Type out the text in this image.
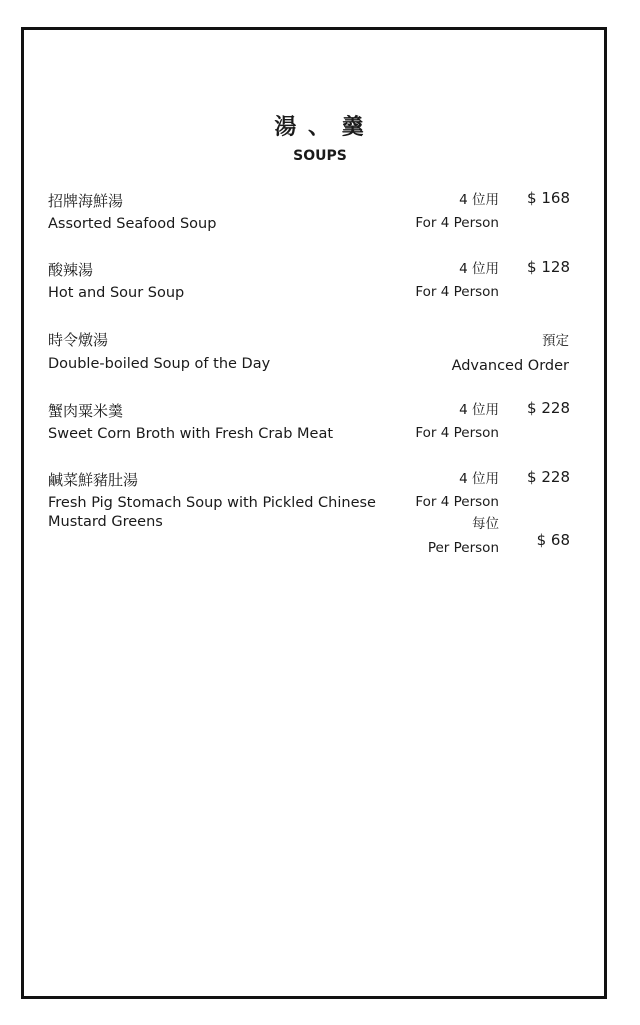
湯 、 羹
SOUPS
招牌海鮮湯
Assorted Seafood Soup
4 位用
For 4 Person
$ 168
酸辣湯
Hot and Sour Soup
4 位用
For 4 Person
$ 128
時令燉湯
Double-boiled Soup of the Day
預定
Advanced Order
蟹肉粟米羹
Sweet Corn Broth with Fresh Crab Meat
4 位用
For 4 Person
$ 228
鹹菜鮮豬肚湯
Fresh Pig Stomach Soup with Pickled Chinese
Mustard Greens
4 位用
For 4 Person
$ 228
每位
Per Person	$ 68
